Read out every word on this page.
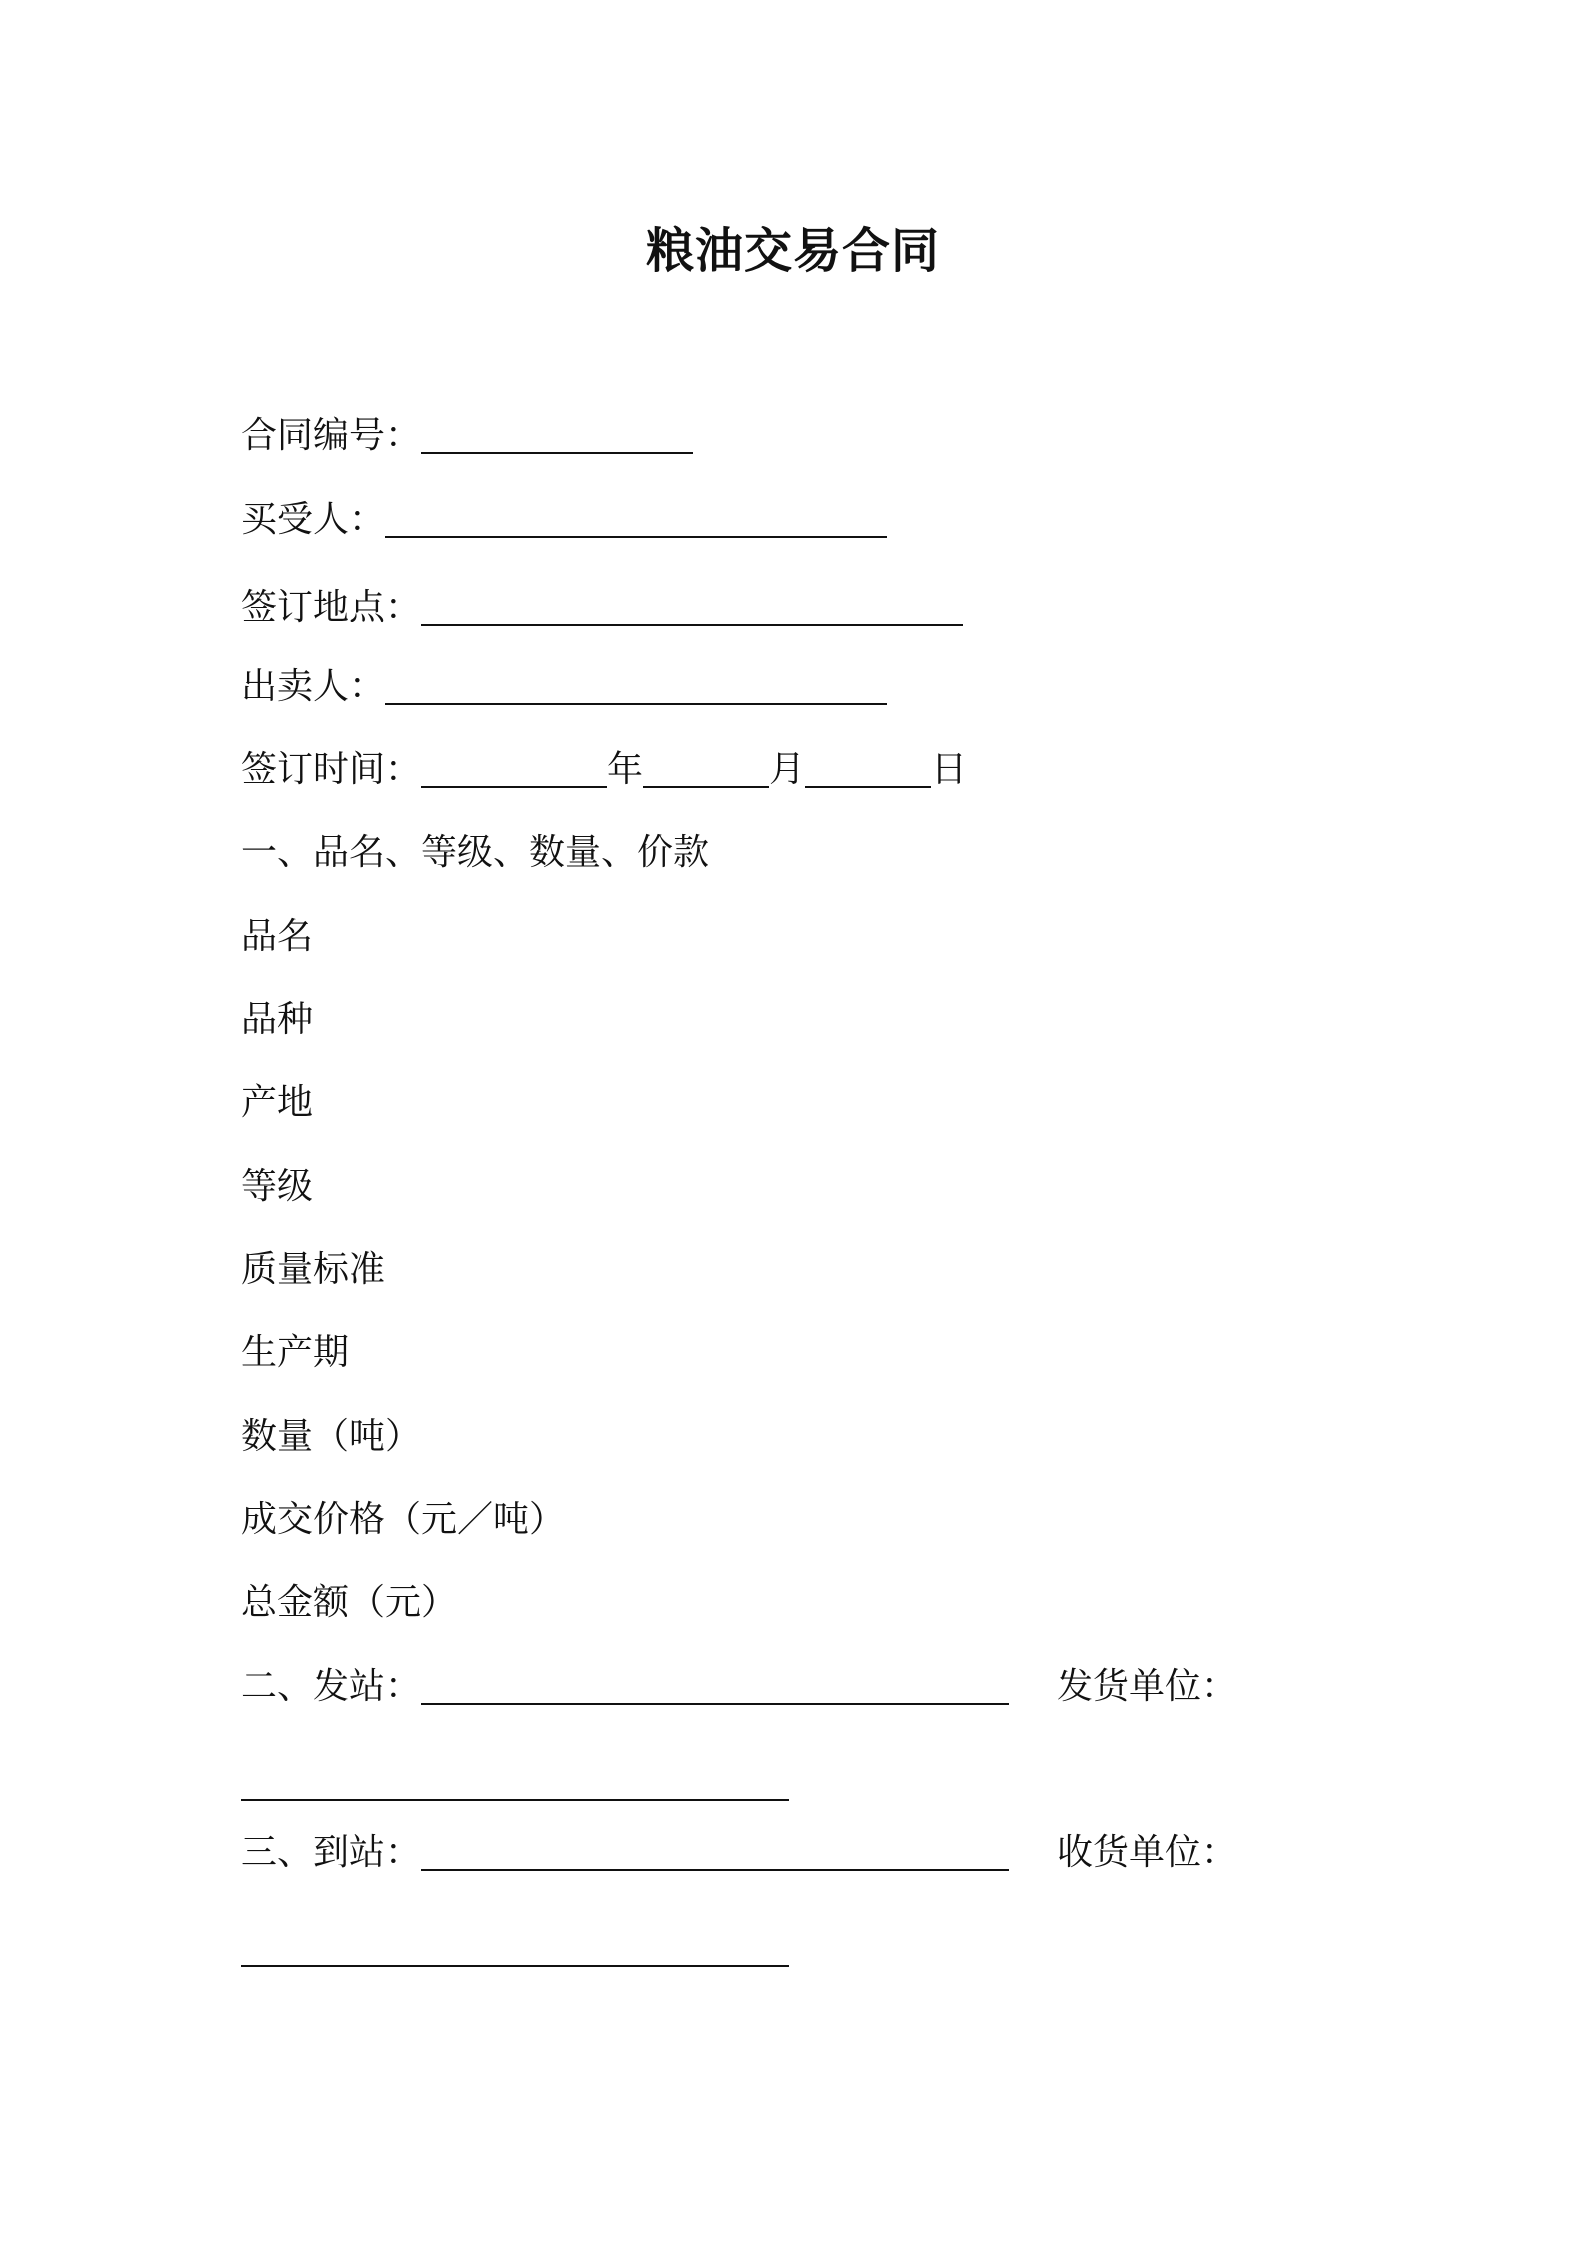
粮油交易合同
合同编号：
买受人：
签订地点：
出卖人：
签订时间：	年	月	日
一、品名、等级、数量、价款
品名
品种
产地
等级
质量标准
生产期
数量（吨）
成交价格（元／吨）
总金额（元）
二、发站：	发货单位：
三、到站：	收货单位：
